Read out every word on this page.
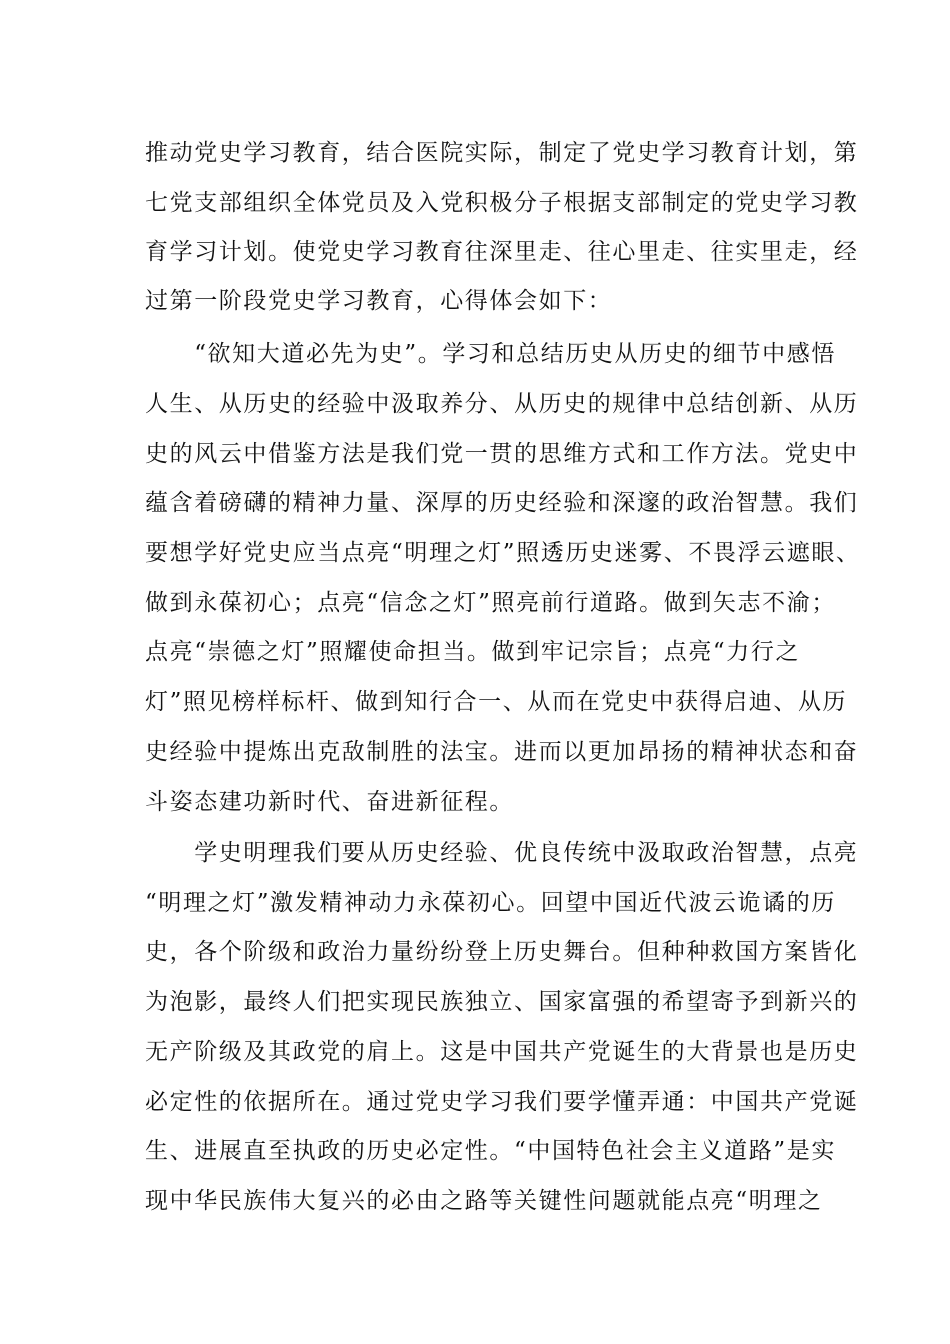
推动党史学习教育，结合医院实际，制定了党史学习教育计划，第
七党支部组织全体党员及入党积极分子根据支部制定的党史学习教
育学习计划。使党史学习教育往深里走、往心里走、往实里走，经
过第一阶段党史学习教育，心得体会如下：
　　“欲知大道必先为史”。学习和总结历史从历史的细节中感悟
人生、从历史的经验中汲取养分、从历史的规律中总结创新、从历
史的风云中借鉴方法是我们党一贯的思维方式和工作方法。党史中
蕴含着磅礴的精神力量、深厚的历史经验和深邃的政治智慧。我们
要想学好党史应当点亮“明理之灯”照透历史迷雾、不畏浮云遮眼、
做到永葆初心；点亮“信念之灯”照亮前行道路。做到矢志不渝；
点亮“崇德之灯”照耀使命担当。做到牢记宗旨；点亮“力行之
灯”照见榜样标杆、做到知行合一、从而在党史中获得启迪、从历
史经验中提炼出克敌制胜的法宝。进而以更加昂扬的精神状态和奋
斗姿态建功新时代、奋进新征程。
　　学史明理我们要从历史经验、优良传统中汲取政治智慧，点亮
“明理之灯”激发精神动力永葆初心。回望中国近代波云诡谲的历
史，各个阶级和政治力量纷纷登上历史舞台。但种种救国方案皆化
为泡影，最终人们把实现民族独立、国家富强的希望寄予到新兴的
无产阶级及其政党的肩上。这是中国共产党诞生的大背景也是历史
必定性的依据所在。通过党史学习我们要学懂弄通：中国共产党诞
生、进展直至执政的历史必定性。“中国特色社会主义道路”是实
现中华民族伟大复兴的必由之路等关键性问题就能点亮“明理之
